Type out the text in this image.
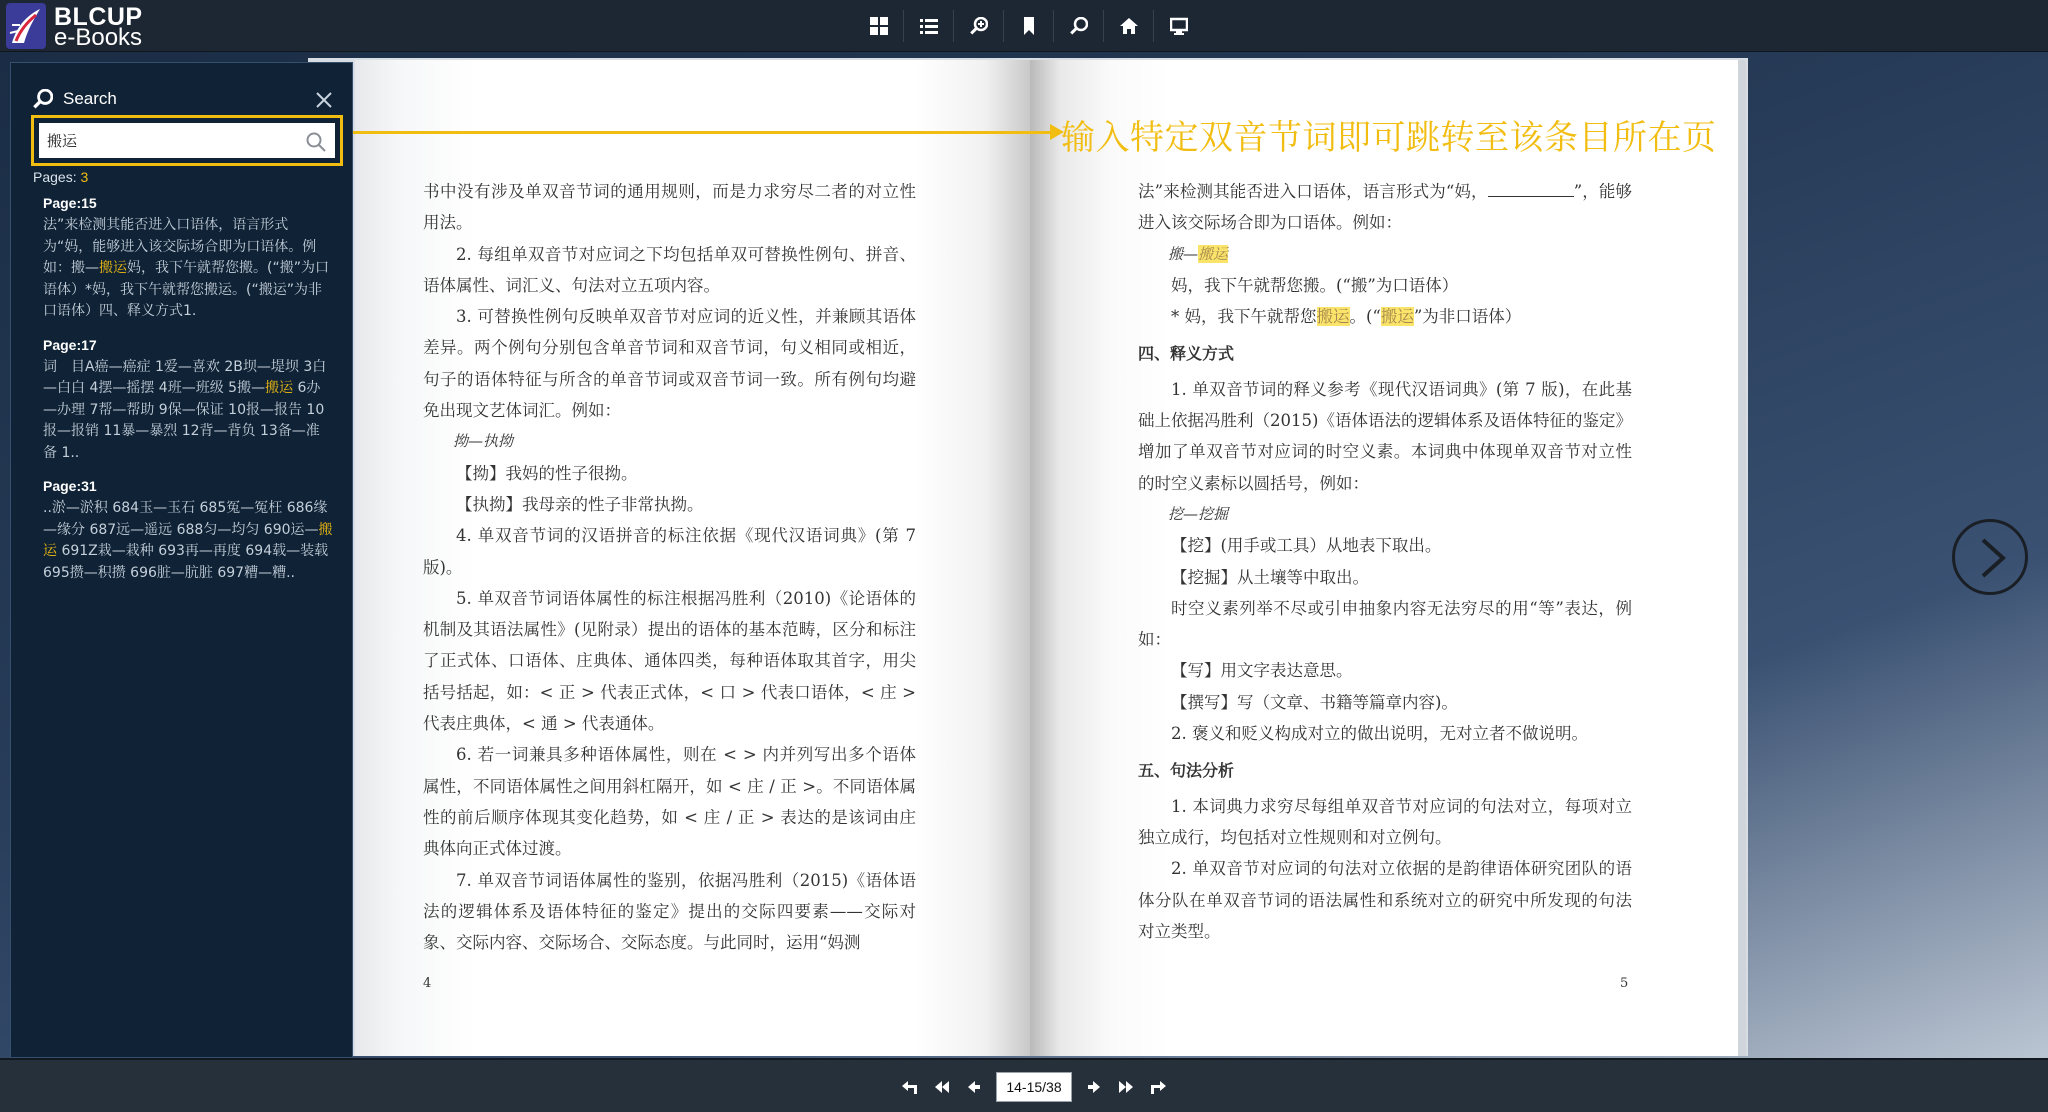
BLCUP
e-Books

书中没有涉及单双音节词的通用规则，而是力求穷尽二者的对立性用法。

2. 每组单双音节对应词之下均包括单双可替换性例句、拼音、语体属性、词汇义、句法对立五项内容。

3. 可替换性例句反映单双音节对应词的近义性，并兼顾其语体差异。两个例句分别包含单音节词和双音节词，句义相同或相近，句子的语体特征与所含的单音节词或双音节词一致。所有例句均避免出现文艺体词汇。例如：

拗—执拗

【拗】我妈的性子很拗。

【执拗】我母亲的性子非常执拗。

4. 单双音节词的汉语拼音的标注依据《现代汉语词典》(第 7 版)。

5. 单双音节词语体属性的标注根据冯胜利（2010)《论语体的机制及其语法属性》(见附录）提出的语体的基本范畴，区分和标注了正式体、口语体、庄典体、通体四类，每种语体取其首字，用尖括号括起，如：< 正 > 代表正式体，< 口 > 代表口语体，< 庄 > 代表庄典体，< 通 > 代表通体。

6. 若一词兼具多种语体属性，则在 < > 内并列写出多个语体属性，不同语体属性之间用斜杠隔开，如 < 庄 / 正 >。不同语体属性的前后顺序体现其变化趋势，如 < 庄 / 正 > 表达的是该词由庄典体向正式体过渡。

7. 单双音节词语体属性的鉴别，依据冯胜利（2015)《语体语法的逻辑体系及语体特征的鉴定》提出的交际四要素——交际对象、交际内容、交际场合、交际态度。与此同时，运用“妈测

4

法”来检测其能否进入口语体，语言形式为“妈，	”，能够进入该交际场合即为口语体。例如：

搬—搬运

妈，我下午就帮您搬。(“搬”为口语体）

* 妈，我下午就帮您搬运。(“搬运”为非口语体）

四、释义方式

1. 单双音节词的释义参考《现代汉语词典》(第 7 版)，在此基础上依据冯胜利（2015)《语体语法的逻辑体系及语体特征的鉴定》增加了单双音节对应词的时空义素。本词典中体现单双音节对立性的时空义素标以圆括号，例如：

挖—挖掘

【挖】(用手或工具）从地表下取出。

【挖掘】从土壤等中取出。

时空义素列举不尽或引申抽象内容无法穷尽的用“等”表达，例如：

【写】用文字表达意思。

【撰写】写（文章、书籍等篇章内容)。

2. 褒义和贬义构成对立的做出说明，无对立者不做说明。

五、句法分析

1. 本词典力求穷尽每组单双音节对应词的句法对立，每项对立独立成行，均包括对立性规则和对立例句。

2. 单双音节对应词的句法对立依据的是韵律语体研究团队的语体分队在单双音节词的语法属性和系统对立的研究中所发现的句法对立类型。

5
输入特定双音节词即可跳转至该条目所在页
Search
搬运
Pages: 3
Page:15
法”来检测其能否进入口语体，语言形式为“妈，能够进入该交际场合即为口语体。例如：搬—搬运妈，我下午就帮您搬。(“搬”为口语体）*妈，我下午就帮您搬运。(“搬运”为非口语体）四、释义方式1.
Page:17
词　目A癌—癌症 1爱—喜欢 2B坝—堤坝 3白—白白 4摆—摇摆 4班—班级 5搬—搬运 6办—办理 7帮—帮助 9保—保证 10报—报告 10报—报销 11暴—暴烈 12背—背负 13备—准备 1..
Page:31
..淤—淤积 684玉—玉石 685冤—冤枉 686缘—缘分 687远—遥远 688匀—均匀 690运—搬运 691Z栽—栽种 693再—再度 694载—装载 695攒—积攒 696脏—肮脏 697糟—糟..
14-15/38
